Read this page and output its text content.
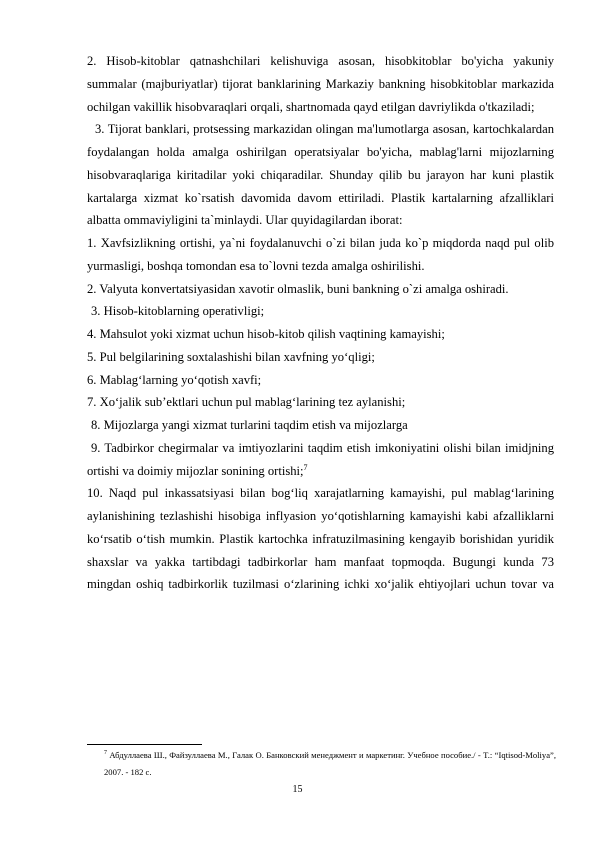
2. Hisob-kitoblar qatnashchilari kelishuviga asosan, hisobkitoblar bo'yicha yakuniy summalar (majburiyatlar) tijorat banklarining Markaziy bankning hisobkitoblar markazida ochilgan vakillik hisobvaraqlari orqali, shartnomada qayd etilgan davriylikda o'tkaziladi;

3. Tijorat banklari, protsessing markazidan olingan ma'lumotlarga asosan, kartochkalardan foydalangan holda amalga oshirilgan operatsiyalar bo'yicha, mablag'larni mijozlarning hisobvaraqlariga kiritadilar yoki chiqaradilar. Shunday qilib bu jarayon har kuni plastik kartalarga xizmat ko`rsatish davomida davom ettiriladi. Plastik kartalarning afzalliklari albatta ommaviyligini ta`minlaydi. Ular quyidagilardan iborat:

1. Xavfsizlikning ortishi, ya`ni foydalanuvchi o`zi bilan juda ko`p miqdorda naqd pul olib yurmasligi, boshqa tomondan esa to`lovni tezda amalga oshirilishi.

2. Valyuta konvertatsiyasidan xavotir olmaslik, buni bankning o`zi amalga oshiradi.

3. Hisob-kitoblarning operativligi;

4. Mahsulot yoki xizmat uchun hisob-kitob qilish vaqtining kamayishi;

5. Pul belgilarining soxtalashishi bilan xavfning yo‘qligi;

6. Mablag‘larning yo‘qotish xavfi;

7. Xo‘jalik sub’ektlari uchun pul mablag‘larining tez aylanishi;

8. Mijozlarga yangi xizmat turlarini taqdim etish va mijozlarga

9. Tadbirkor chegirmalar va imtiyozlarini taqdim etish imkoniyatini olishi bilan imidjning ortishi va doimiy mijozlar sonining ortishi;$^7$

10. Naqd pul inkassatsiyasi bilan bog‘liq xarajatlarning kamayishi, pul mablag‘larining aylanishining tezlashishi hisobiga inflyasion yo‘qotishlarning kamayishi kabi afzalliklarni ko‘rsatib o‘tish mumkin. Plastik kartochka infratuzilmasining kengayib borishidan yuridik shaxslar va yakka tartibdagi tadbirkorlar ham manfaat topmoqda. Bugungi kunda 73 mingdan oshiq tadbirkorlik tuzilmasi o‘zlarining ichki xo‘jalik ehtiyojlari uchun tovar va

$^7$ Абдуллаева Ш., Файзуллаева М., Галак О. Банковский менеджмент и маркетинг. Учебное пособие./ - T.: “Iqtisod-Moliya”, 2007. - 182 с.
15
